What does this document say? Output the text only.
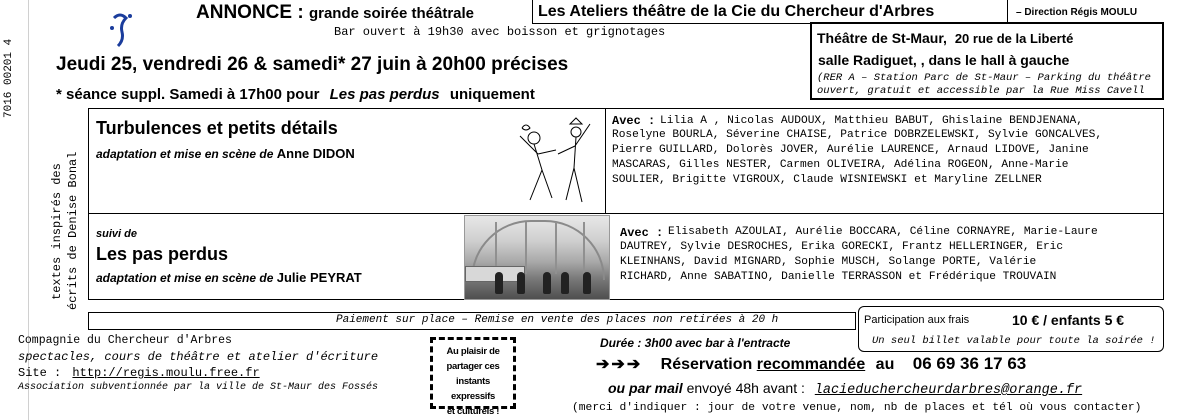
7016 00201 4
textes inspirés des écrits de Denise Bonal
ANNONCE : grande soirée théâtrale
Bar ouvert à 19h30 avec boisson et grignotages
Les Ateliers théâtre de la Cie du Chercheur d'Arbres	– Direction Régis MOULU
Théâtre de St-Maur, 20 rue de la Liberté
salle Radiguet, , dans le hall à gauche
(RER A – Station Parc de St-Maur – Parking du théâtre
ouvert, gratuit et accessible par la Rue Miss Cavell
Jeudi 25, vendredi 26 & samedi* 27 juin à 20h00 précises
* séance suppl. Samedi à 17h00 pour Les pas perdus uniquement
Turbulences et petits détails
adaptation et mise en scène de Anne DIDON
Avec : Lilia A , Nicolas AUDOUX, Matthieu BABUT, Ghislaine BENDJENANA,
Roselyne BOURLA, Séverine CHAISE, Patrice DOBRZELEWSKI, Sylvie GONCALVES,
Pierre GUILLARD, Dolorès JOVER, Aurélie LAURENCE, Arnaud LIDOVE, Janine
MASCARAS, Gilles NESTER, Carmen OLIVEIRA, Adélina ROGEON, Anne-Marie
SOULIER, Brigitte VIGROUX, Claude WISNIEWSKI et Maryline ZELLNER
suivi de
Les pas perdus
adaptation et mise en scène de Julie PEYRAT
Avec : Elisabeth AZOULAI, Aurélie BOCCARA, Céline CORNAYRE, Marie-Laure
DAUTREY, Sylvie DESROCHES, Erika GORECKI, Frantz HELLERINGER, Eric
KLEINHANS, David MIGNARD, Sophie MUSCH, Solange PORTE, Valérie
RICHARD, Anne SABATINO, Danielle TERRASSON et Frédérique TROUVAIN
Paiement sur place – Remise en vente des places non retirées à 20 h	Participation aux frais	10 € / enfants 5 €
Un seul billet valable pour toute la soirée !
Compagnie du Chercheur d'Arbres
spectacles, cours de théâtre et atelier d'écriture
Site : http://regis.moulu.free.fr
Association subventionnée par la ville de St-Maur des Fossés
Au plaisir de
partager ces
instants expressifs
et culturels !
Durée : 3h00 avec bar à l'entracte
➔➔➔ Réservation recommandée au 06 69 36 17 63
ou par mail envoyé 48h avant : lacieduchercheurdarbres@orange.fr
(merci d'indiquer : jour de votre venue, nom, nb de places et tél où vous contacter)
